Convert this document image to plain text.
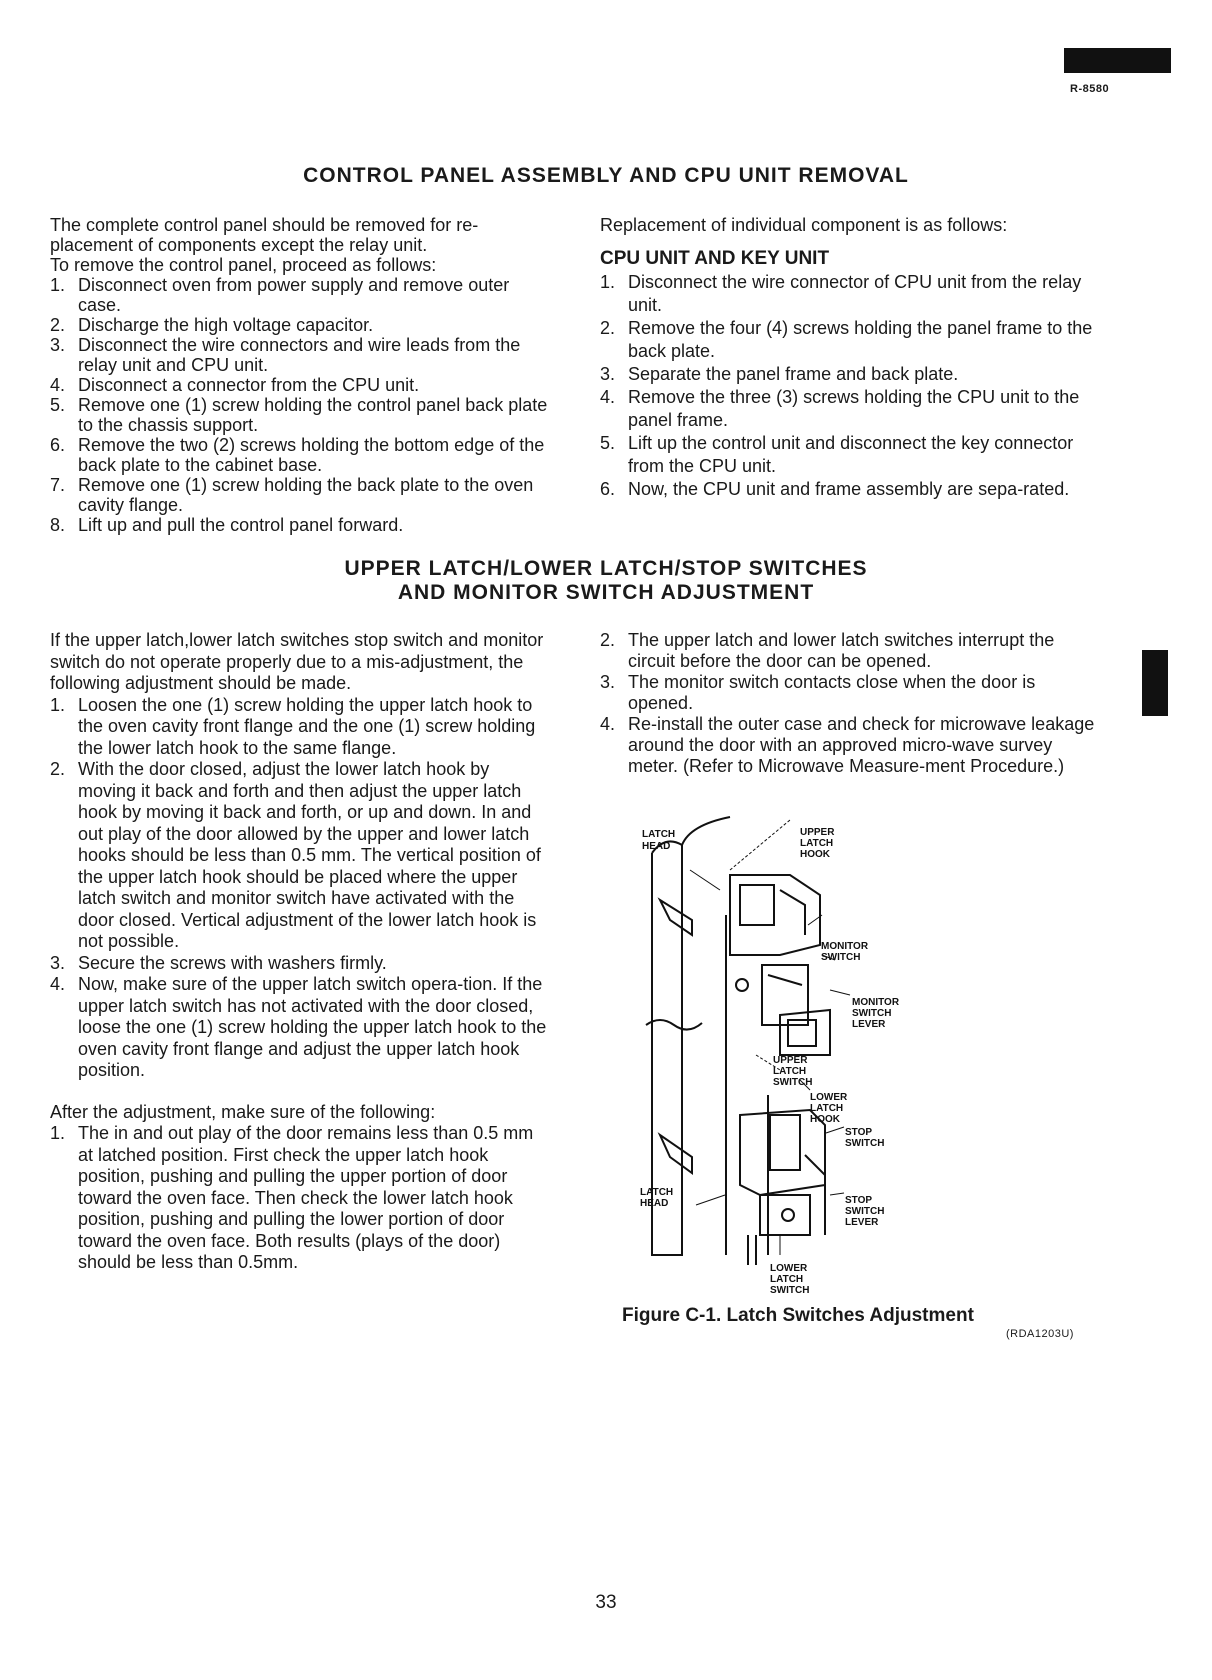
R-8580
CONTROL PANEL ASSEMBLY AND CPU UNIT REMOVAL

The complete control panel should be removed for re-placement of components except the relay unit.

To remove the control panel, proceed as follows:

1. Disconnect oven from power supply and remove outer case.
2. Discharge the high voltage capacitor.
3. Disconnect the wire connectors and wire leads from the relay unit and CPU unit.
4. Disconnect a connector from the CPU unit.
5. Remove one (1) screw holding the control panel back plate to the chassis support.
6. Remove the two (2) screws holding the bottom edge of the back plate to the cabinet base.
7. Remove one (1) screw holding the back plate to the oven cavity flange.
8. Lift up and pull the control panel forward.

Replacement of individual component is as follows:

CPU UNIT AND KEY UNIT
1. Disconnect the wire connector of CPU unit from the relay unit.
2. Remove the four (4) screws holding the panel frame to the back plate.
3. Separate the panel frame and back plate.
4. Remove the three (3) screws holding the CPU unit to the panel frame.
5. Lift up the control unit and disconnect the key connector from the CPU unit.
6. Now, the CPU unit and frame assembly are sepa-rated.
UPPER LATCH/LOWER LATCH/STOP SWITCHES
AND MONITOR SWITCH ADJUSTMENT

If the upper latch,lower latch switches stop switch and monitor switch do not operate properly due to a mis-adjustment, the following adjustment should be made.

1. Loosen the one (1) screw holding the upper latch hook to the oven cavity front flange and the one (1) screw holding the lower latch hook to the same flange.
2. With the door closed, adjust the lower latch hook by moving it back and forth and then adjust the upper latch hook by moving it back and forth, or up and down. In and out play of the door allowed by the upper and lower latch hooks should be less than 0.5 mm. The vertical position of the upper latch hook should be placed where the upper latch switch and monitor switch have activated with the door closed. Vertical adjustment of the lower latch hook is not possible.
3. Secure the screws with washers firmly.
4. Now, make sure of the upper latch switch opera-tion. If the upper latch switch has not activated with the door closed, loose the one (1) screw holding the upper latch hook to the oven cavity front flange and adjust the upper latch hook position.

After the adjustment, make sure of the following:

1. The in and out play of the door remains less than 0.5 mm at latched position. First check the upper latch hook position, pushing and pulling the upper portion of door toward the oven face. Then check the lower latch hook position, pushing and pulling the lower portion of door toward the oven face. Both results (plays of the door) should be less than 0.5mm.
2. The upper latch and lower latch switches interrupt the circuit before the door can be opened.
3. The monitor switch contacts close when the door is opened.
4. Re-install the outer case and check for microwave leakage around the door with an approved micro-wave survey meter. (Refer to Microwave Measure-ment Procedure.)
LATCH
HEAD
UPPER
LATCH
HOOK
MONITOR
SWITCH
MONITOR
SWITCH
LEVER
UPPER
LATCH
SWITCH
LOWER
LATCH
HOOK
STOP
SWITCH
LATCH
HEAD	STOP
SWITCH
LEVER
LOWER
LATCH
SWITCH
Figure C-1. Latch Switches Adjustment
(RDA1203U)
33
